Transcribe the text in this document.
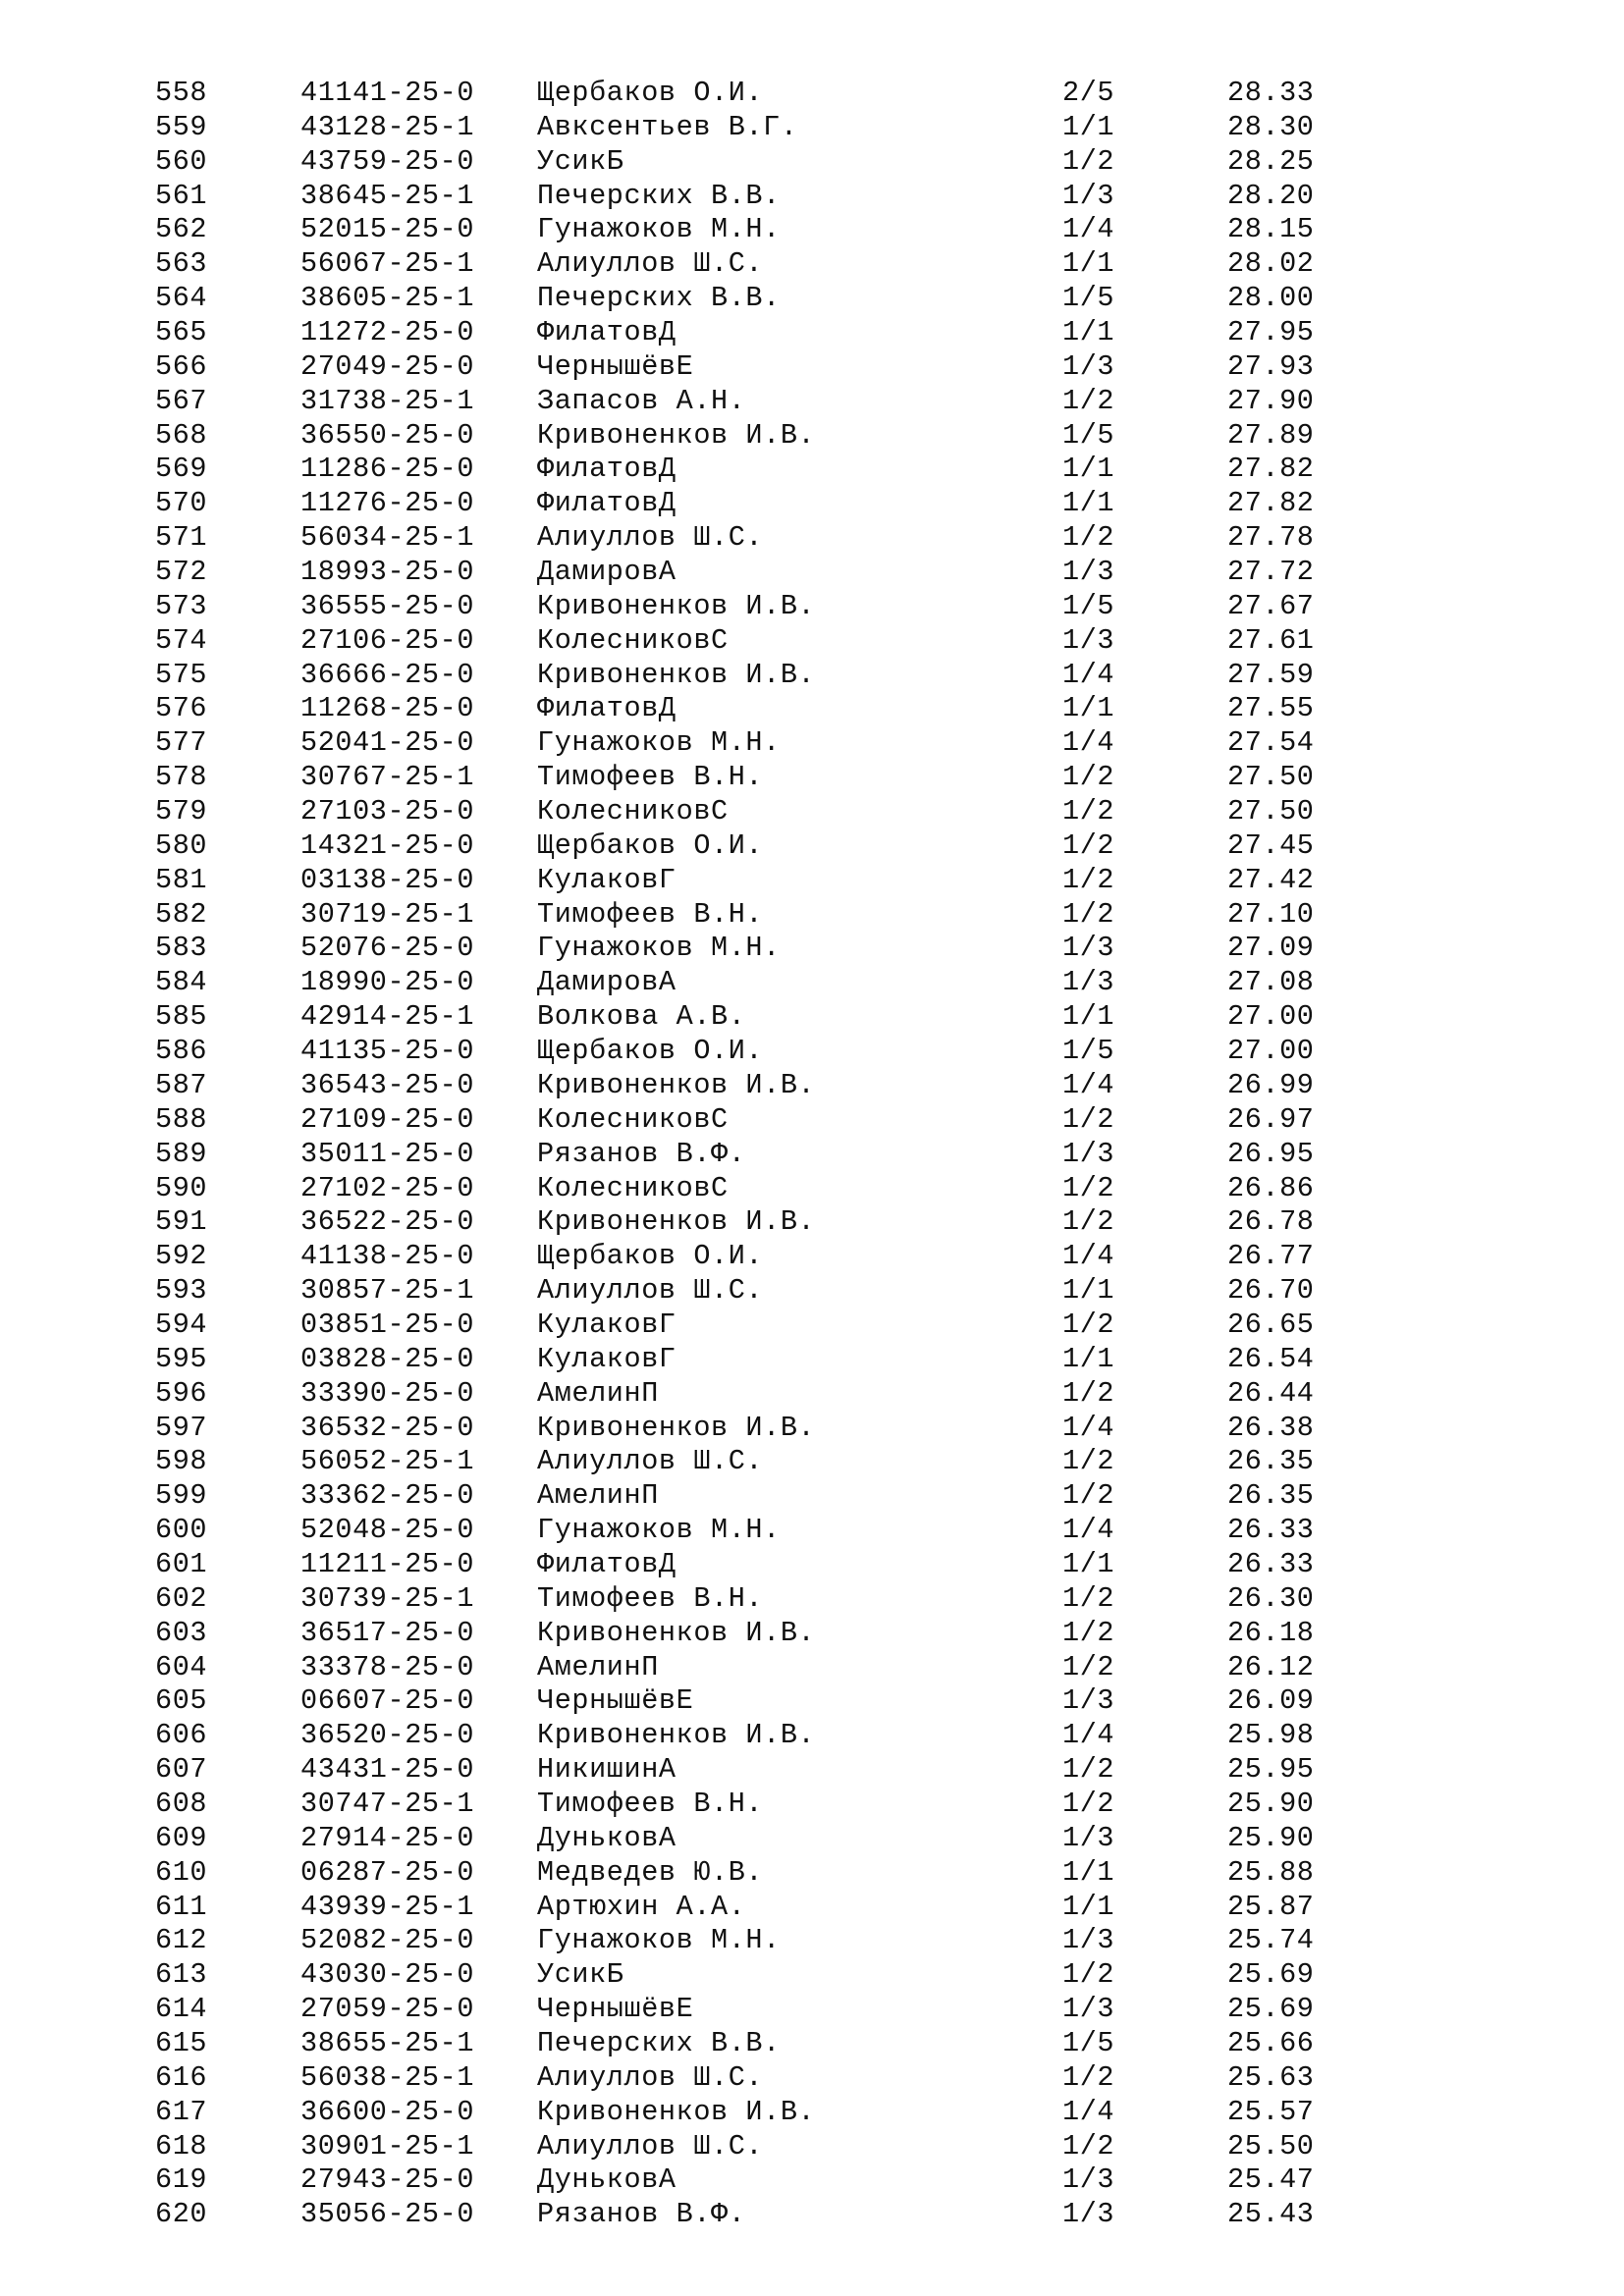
558	41141-25-0 Щербаков О.И.	2/5	28.33
559	43128-25-1 Авксентьев В.Г.	1/1	28.30
560	43759-25-0 УсикБ	1/2	28.25
561	38645-25-1 Печерских В.В.	1/3	28.20
562	52015-25-0 Гунажоков М.Н.	1/4	28.15
563	56067-25-1 Алиуллов Ш.С.	1/1	28.02
564	38605-25-1 Печерских В.В.	1/5	28.00
565	11272-25-0 ФилатовД	1/1	27.95
566	27049-25-0 ЧернышёвЕ	1/3	27.93
567	31738-25-1 Запасов А.Н.	1/2	27.90
568	36550-25-0 Кривоненков И.В.	1/5	27.89
569	11286-25-0 ФилатовД	1/1	27.82
570	11276-25-0 ФилатовД	1/1	27.82
571	56034-25-1 Алиуллов Ш.С.	1/2	27.78
572	18993-25-0 ДамировА	1/3	27.72
573	36555-25-0 Кривоненков И.В.	1/5	27.67
574	27106-25-0 КолесниковС	1/3	27.61
575	36666-25-0 Кривоненков И.В.	1/4	27.59
576	11268-25-0 ФилатовД	1/1	27.55
577	52041-25-0 Гунажоков М.Н.	1/4	27.54
578	30767-25-1 Тимофеев В.Н.	1/2	27.50
579	27103-25-0 КолесниковС	1/2	27.50
580	14321-25-0 Щербаков О.И.	1/2	27.45
581	03138-25-0 КулаковГ	1/2	27.42
582	30719-25-1 Тимофеев В.Н.	1/2	27.10
583	52076-25-0 Гунажоков М.Н.	1/3	27.09
584	18990-25-0 ДамировА	1/3	27.08
585	42914-25-1 Волкова А.В.	1/1	27.00
586	41135-25-0 Щербаков О.И.	1/5	27.00
587	36543-25-0 Кривоненков И.В.	1/4	26.99
588	27109-25-0 КолесниковС	1/2	26.97
589	35011-25-0 Рязанов В.Ф.	1/3	26.95
590	27102-25-0 КолесниковС	1/2	26.86
591	36522-25-0 Кривоненков И.В.	1/2	26.78
592	41138-25-0 Щербаков О.И.	1/4	26.77
593	30857-25-1 Алиуллов Ш.С.	1/1	26.70
594	03851-25-0 КулаковГ	1/2	26.65
595	03828-25-0 КулаковГ	1/1	26.54
596	33390-25-0 АмелинП	1/2	26.44
597	36532-25-0 Кривоненков И.В.	1/4	26.38
598	56052-25-1 Алиуллов Ш.С.	1/2	26.35
599	33362-25-0 АмелинП	1/2	26.35
600	52048-25-0 Гунажоков М.Н.	1/4	26.33
601	11211-25-0 ФилатовД	1/1	26.33
602	30739-25-1 Тимофеев В.Н.	1/2	26.30
603	36517-25-0 Кривоненков И.В.	1/2	26.18
604	33378-25-0 АмелинП	1/2	26.12
605	06607-25-0 ЧернышёвЕ	1/3	26.09
606	36520-25-0 Кривоненков И.В.	1/4	25.98
607	43431-25-0 НикишинА	1/2	25.95
608	30747-25-1 Тимофеев В.Н.	1/2	25.90
609	27914-25-0 ДуньковА	1/3	25.90
610	06287-25-0 Медведев Ю.В.	1/1	25.88
611	43939-25-1 Артюхин А.А.	1/1	25.87
612	52082-25-0 Гунажоков М.Н.	1/3	25.74
613	43030-25-0 УсикБ	1/2	25.69
614	27059-25-0 ЧернышёвЕ	1/3	25.69
615	38655-25-1 Печерских В.В.	1/5	25.66
616	56038-25-1 Алиуллов Ш.С.	1/2	25.63
617	36600-25-0 Кривоненков И.В.	1/4	25.57
618	30901-25-1 Алиуллов Ш.С.	1/2	25.50
619	27943-25-0 ДуньковА	1/3	25.47
620	35056-25-0 Рязанов В.Ф.	1/3	25.43
